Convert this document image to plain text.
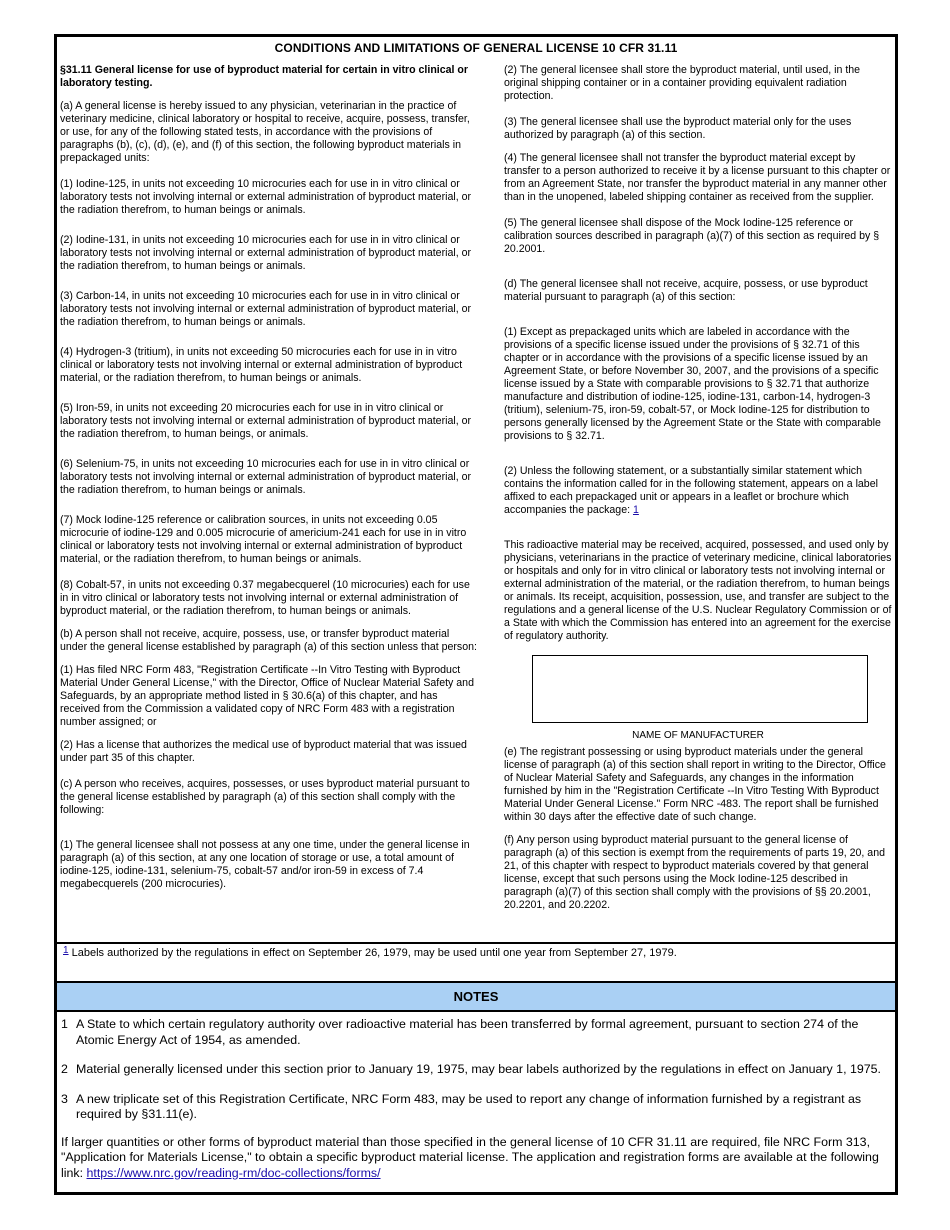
CONDITIONS AND LIMITATIONS OF GENERAL LICENSE 10 CFR 31.11

§31.11 General license for use of byproduct material for certain in vitro clinical or laboratory testing.

(a) A general license is hereby issued to any physician, veterinarian in the practice of veterinary medicine, clinical laboratory or hospital to receive, acquire, possess, transfer, or use, for any of the following stated tests, in accordance with the provisions of paragraphs (b), (c), (d), (e), and (f) of this section, the following byproduct materials in prepackaged units:

(1) Iodine-125, in units not exceeding 10 microcuries each for use in in vitro clinical or laboratory tests not involving internal or external administration of byproduct material, or the radiation therefrom, to human beings or animals.

(2) Iodine-131, in units not exceeding 10 microcuries each for use in in vitro clinical or laboratory tests not involving internal or external administration of byproduct material, or the radiation therefrom, to human beings or animals.

(3) Carbon-14, in units not exceeding 10 microcuries each for use in in vitro clinical or laboratory tests not involving internal or external administration of byproduct material, or the radiation therefrom, to human beings or animals.

(4) Hydrogen-3 (tritium), in units not exceeding 50 microcuries each for use in in vitro clinical or laboratory tests not involving internal or external administration of byproduct material, or the radiation therefrom, to human beings or animals.

(5) Iron-59, in units not exceeding 20 microcuries each for use in in vitro clinical or laboratory tests not involving internal or external administration of byproduct material, or the radiation therefrom, to human beings, or animals.

(6) Selenium-75, in units not exceeding 10 microcuries each for use in in vitro clinical or laboratory tests not involving internal or external administration of byproduct material, or the radiation therefrom, to human beings or animals.

(7) Mock Iodine-125 reference or calibration sources, in units not exceeding 0.05 microcurie of iodine-129 and 0.005 microcurie of americium-241 each for use in in vitro clinical or laboratory tests not involving internal or external administration of byproduct material, or the radiation therefrom, to human beings or animals.

(8) Cobalt-57, in units not exceeding 0.37 megabecquerel (10 microcuries) each for use in in vitro clinical or laboratory tests not involving internal or external administration of byproduct material, or the radiation therefrom, to human beings or animals.

(b) A person shall not receive, acquire, possess, use, or transfer byproduct material under the general license established by paragraph (a) of this section unless that person:

(1) Has filed NRC Form 483, "Registration Certificate --In Vitro Testing with Byproduct Material Under General License," with the Director, Office of Nuclear Material Safety and Safeguards, by an appropriate method listed in § 30.6(a) of this chapter, and has received from the Commission a validated copy of NRC Form 483 with a registration number assigned; or

(2) Has a license that authorizes the medical use of byproduct material that was issued under part 35 of this chapter.

(c) A person who receives, acquires, possesses, or uses byproduct material pursuant to the general license established by paragraph (a) of this section shall comply with the following:

(1) The general licensee shall not possess at any one time, under the general license in paragraph (a) of this section, at any one location of storage or use, a total amount of iodine-125, iodine-131, selenium-75, cobalt-57 and/or iron-59 in excess of 7.4 megabecquerels (200 microcuries).

(2) The general licensee shall store the byproduct material, until used, in the original shipping container or in a container providing equivalent radiation protection.

(3) The general licensee shall use the byproduct material only for the uses authorized by paragraph (a) of this section.

(4) The general licensee shall not transfer the byproduct material except by transfer to a person authorized to receive it by a license pursuant to this chapter or from an Agreement State, nor transfer the byproduct material in any manner other than in the unopened, labeled shipping container as received from the supplier.

(5) The general licensee shall dispose of the Mock Iodine-125 reference or calibration sources described in paragraph (a)(7) of this section as required by § 20.2001.

(d) The general licensee shall not receive, acquire, possess, or use byproduct material pursuant to paragraph (a) of this section:

(1) Except as prepackaged units which are labeled in accordance with the provisions of a specific license issued under the provisions of § 32.71 of this chapter or in accordance with the provisions of a specific license issued by an Agreement State, or before November 30, 2007, and the provisions of a specific license issued by a State with comparable provisions to § 32.71 that authorize manufacture and distribution of iodine-125, iodine-131, carbon-14, hydrogen-3 (tritium), selenium-75, iron-59, cobalt-57, or Mock Iodine-125 for distribution to persons generally licensed by the Agreement State or the State with comparable provisions to § 32.71.

(2) Unless the following statement, or a substantially similar statement which contains the information called for in the following statement, appears on a label affixed to each prepackaged unit or appears in a leaflet or brochure which accompanies the package: 1

This radioactive material may be received, acquired, possessed, and used only by physicians, veterinarians in the practice of veterinary medicine, clinical laboratories or hospitals and only for in vitro clinical or laboratory tests not involving internal or external administration of the material, or the radiation therefrom, to human beings or animals. Its receipt, acquisition, possession, use, and transfer are subject to the regulations and a general license of the U.S. Nuclear Regulatory Commission or of a State with which the Commission has entered into an agreement for the exercise of regulatory authority.

NAME OF MANUFACTURER

(e) The registrant possessing or using byproduct materials under the general license of paragraph (a) of this section shall report in writing to the Director, Office of Nuclear Material Safety and Safeguards, any changes in the information furnished by him in the "Registration Certificate --In Vitro Testing With Byproduct Material Under General License." Form NRC -483. The report shall be furnished within 30 days after the effective date of such change.

(f) Any person using byproduct material pursuant to the general license of paragraph (a) of this section is exempt from the requirements of parts 19, 20, and 21, of this chapter with respect to byproduct materials covered by that general license, except that such persons using the Mock Iodine-125 described in paragraph (a)(7) of this section shall comply with the provisions of §§ 20.2001, 20.2201, and 20.2202.

$^1$ Labels authorized by the regulations in effect on September 26, 1979, may be used until one year from September 27, 1979.
NOTES
1 A State to which certain regulatory authority over radioactive material has been transferred by formal agreement, pursuant to section 274 of the Atomic Energy Act of 1954, as amended.
2 Material generally licensed under this section prior to January 19, 1975, may bear labels authorized by the regulations in effect on January 1, 1975.
3 A new triplicate set of this Registration Certificate, NRC Form 483, may be used to report any change of information furnished by a registrant as required by §31.11(e).

If larger quantities or other forms of byproduct material than those specified in the general license of 10 CFR 31.11 are required, file NRC Form 313, "Application for Materials License," to obtain a specific byproduct material license. The application and registration forms are available at the following link: https://www.nrc.gov/reading-rm/doc-collections/forms/
